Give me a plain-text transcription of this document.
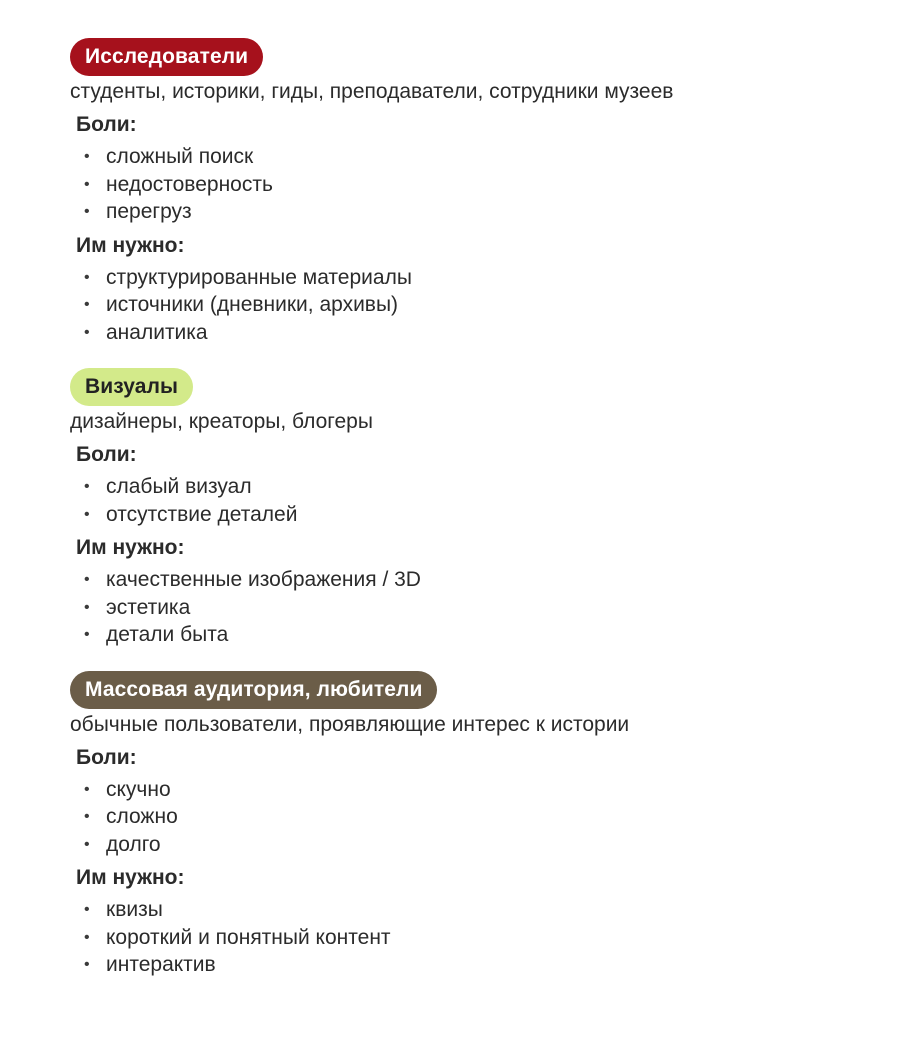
Исследователи
студенты, историки, гиды, преподаватели, сотрудники музеев
Боли:
• сложный поиск
• недостоверность
• перегруз
Им нужно:
• структурированные материалы
• источники (дневники, архивы)
• аналитика
Визуалы
дизайнеры, креаторы, блогеры
Боли:
• слабый визуал
• отсутствие деталей
Им нужно:
• качественные изображения / 3D
• эстетика
• детали быта
Массовая аудитория, любители
обычные пользователи, проявляющие интерес к истории
Боли:
• скучно
• сложно
• долго
Им нужно:
• квизы
• короткий и понятный контент
• интерактив
